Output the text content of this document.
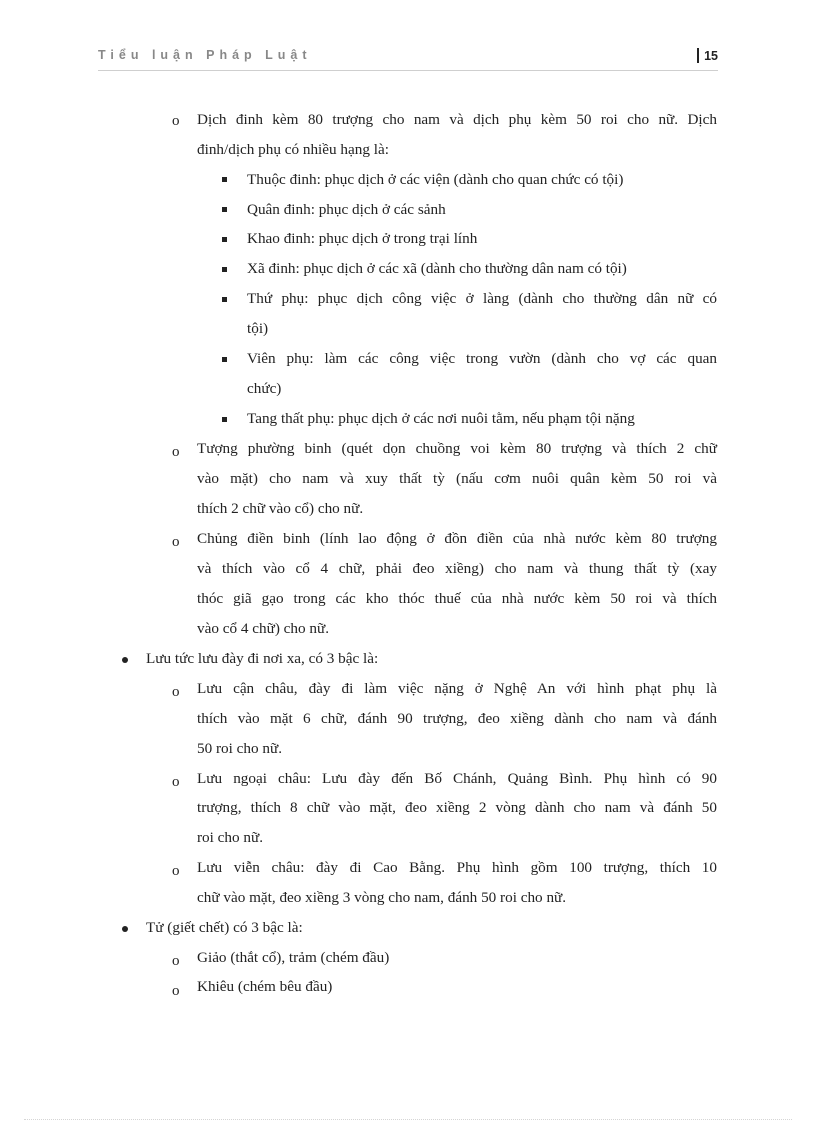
Tiểu luận Pháp Luật	15
o Dịch đinh kèm 80 trượng cho nam và dịch phụ kèm 50 roi cho nữ. Dịch
đinh/dịch phụ có nhiều hạng là:
Thuộc đinh: phục dịch ở các viện (dành cho quan chức có tội)
Quân đinh: phục dịch ở các sảnh
Khao đinh: phục dịch ở trong trại lính
Xã đinh: phục dịch ở các xã (dành cho thường dân nam có tội)
Thứ phụ: phục dịch công việc ở làng (dành cho thường dân nữ có
tội)
Viên phụ: làm các công việc trong vườn (dành cho vợ các quan
chức)
Tang thất phụ: phục dịch ở các nơi nuôi tằm, nếu phạm tội nặng
o Tượng phường binh (quét dọn chuồng voi kèm 80 trượng và thích 2 chữ
vào mặt) cho nam và xuy thất tỳ (nấu cơm nuôi quân kèm 50 roi và
thích 2 chữ vào cổ) cho nữ.
o Chủng điền binh (lính lao động ở đồn điền của nhà nước kèm 80 trượng
và thích vào cổ 4 chữ, phải đeo xiềng) cho nam và thung thất tỳ (xay
thóc giã gạo trong các kho thóc thuế của nhà nước kèm 50 roi và thích
vào cổ 4 chữ) cho nữ.
Lưu tức lưu đày đi nơi xa, có 3 bậc là:
o Lưu cận châu, đày đi làm việc nặng ở Nghệ An với hình phạt phụ là
thích vào mặt 6 chữ, đánh 90 trượng, đeo xiềng dành cho nam và đánh
50 roi cho nữ.
o Lưu ngoại châu: Lưu đày đến Bố Chánh, Quảng Bình. Phụ hình có 90
trượng, thích 8 chữ vào mặt, đeo xiềng 2 vòng dành cho nam và đánh 50
roi cho nữ.
o Lưu viễn châu: đày đi Cao Bằng. Phụ hình gồm 100 trượng, thích 10
chữ vào mặt, đeo xiềng 3 vòng cho nam, đánh 50 roi cho nữ.
Tử (giết chết) có 3 bậc là:
o Giảo (thắt cổ), trảm (chém đầu)
o Khiêu (chém bêu đầu)
